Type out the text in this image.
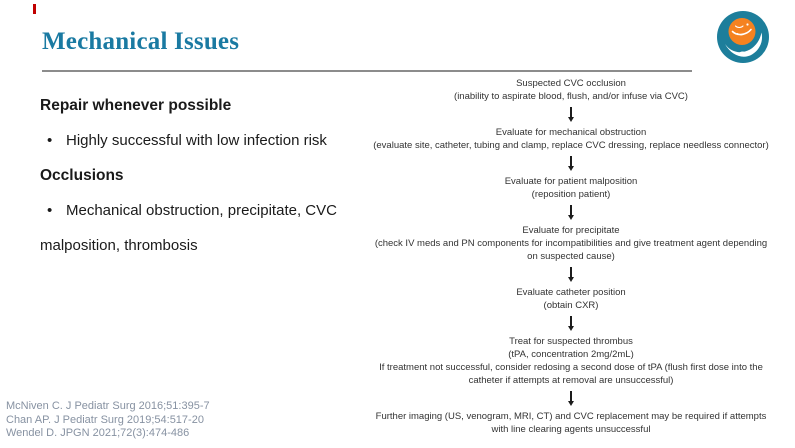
Mechanical Issues
Repair whenever possible
• Highly successful with low infection risk
Occlusions
• Mechanical obstruction, precipitate, CVC
malposition, thrombosis
Suspected CVC occlusion
(inability to aspirate blood, flush, and/or infuse via CVC)
Evaluate for mechanical obstruction
(evaluate site, catheter, tubing and clamp, replace CVC dressing, replace needless connector)
Evaluate for patient malposition
(reposition patient)
Evaluate for precipitate
(check IV meds and PN components for incompatibilities and give treatment agent depending on suspected cause)
Evaluate catheter position
(obtain CXR)
Treat for suspected thrombus
(tPA, concentration 2mg/2mL)
If treatment not successful, consider redosing a second dose of tPA (flush first dose into the catheter if attempts at removal are unsuccessful)
Further imaging (US, venogram, MRI, CT) and CVC replacement may be required if attempts with line clearing agents unsuccessful
McNiven C. J Pediatr Surg 2016;51:395-7
Chan AP. J Pediatr Surg 2019;54:517-20
Wendel D. JPGN 2021;72(3):474-486
